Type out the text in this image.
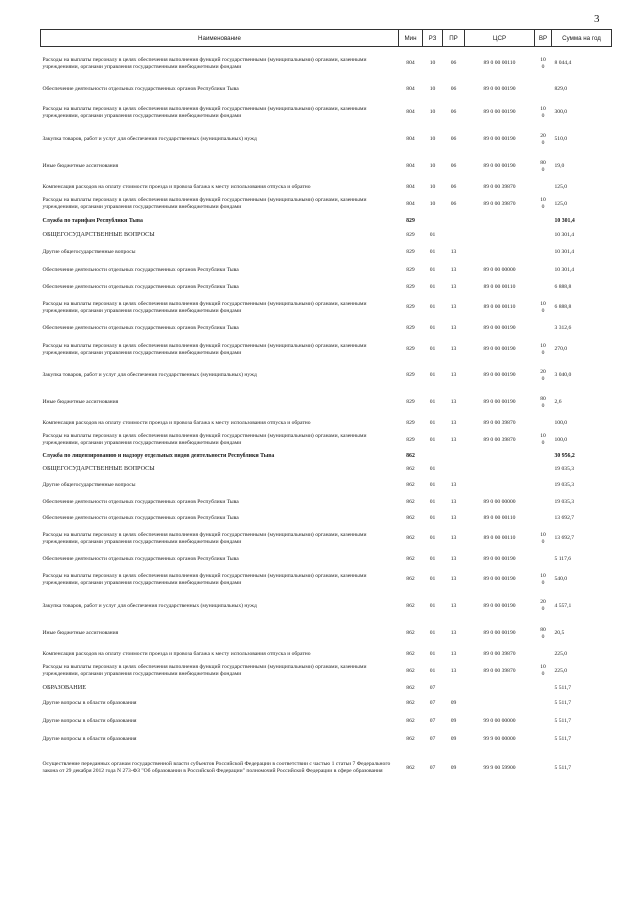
3
Наименование	Мин	РЗ	ПР	ЦСР	ВР	Сумма на год
Расходы на выплаты персоналу в целях обеспечения выполнения функций государственными (муниципальными) органами, казенными учреждениями, органами управления государственными внебюджетными фондами	804	10	06	89 0 00 00110	100	8 044,4
Обеспечение деятельности отдельных государственных органов Республики Тыва	804	10	06	89 0 00 00190		829,0
Расходы на выплаты персоналу в целях обеспечения выполнения функций государственными (муниципальными) органами, казенными учреждениями, органами управления государственными внебюджетными фондами	804	10	06	89 0 00 00190	100	300,0
Закупка товаров, работ и услуг для обеспечения государственных (муниципальных) нужд	804	10	06	89 0 00 00190	200	510,0
Иные бюджетные ассигнования	804	10	06	89 0 00 00190	800	19,0
Компенсация расходов на оплату стоимости проезда и провоза багажа к месту использования отпуска и обратно	804	10	06	89 0 00 39870		125,0
Расходы на выплаты персоналу в целях обеспечения выполнения функций государственными (муниципальными) органами, казенными учреждениями, органами управления государственными внебюджетными фондами	804	10	06	89 0 00 39870	100	125,0
Служба по тарифам Республики Тыва	829					10 301,4
ОБЩЕГОСУДАРСТВЕННЫЕ ВОПРОСЫ	829	01				10 301,4
Другие общегосударственные вопросы	829	01	13			10 301,4
Обеспечение деятельности отдельных государственных органов Республики Тыва	829	01	13	89 0 00 00000		10 301,4
Обеспечение деятельности отдельных государственных органов Республики Тыва	829	01	13	89 0 00 00110		6 888,8
Расходы на выплаты персоналу в целях обеспечения выполнения функций государственными (муниципальными) органами, казенными учреждениями, органами управления государственными внебюджетными фондами	829	01	13	89 0 00 00110	100	6 888,8
Обеспечение деятельности отдельных государственных органов Республики Тыва	829	01	13	89 0 00 00190		3 312,6
Расходы на выплаты персоналу в целях обеспечения выполнения функций государственными (муниципальными) органами, казенными учреждениями, органами управления государственными внебюджетными фондами	829	01	13	89 0 00 00190	100	270,0
Закупка товаров, работ и услуг для обеспечения государственных (муниципальных) нужд	829	01	13	89 0 00 00190	200	3 040,0
Иные бюджетные ассигнования	829	01	13	89 0 00 00190	800	2,6
Компенсация расходов на оплату стоимости проезда и провоза багажа к месту использования отпуска и обратно	829	01	13	89 0 00 39870		100,0
Расходы на выплаты персоналу в целях обеспечения выполнения функций государственными (муниципальными) органами, казенными учреждениями, органами управления государственными внебюджетными фондами	829	01	13	89 0 00 39870	100	100,0
Служба по лицензированию и надзору отдельных видов деятельности Республики Тыва	862					30 956,2
ОБЩЕГОСУДАРСТВЕННЫЕ ВОПРОСЫ	862	01				19 035,3
Другие общегосударственные вопросы	862	01	13			19 035,3
Обеспечение деятельности отдельных государственных органов Республики Тыва	862	01	13	89 0 00 00000		19 035,3
Обеспечение деятельности отдельных государственных органов Республики Тыва	862	01	13	89 0 00 00110		13 692,7
Расходы на выплаты персоналу в целях обеспечения выполнения функций государственными (муниципальными) органами, казенными учреждениями, органами управления государственными внебюджетными фондами	862	01	13	89 0 00 00110	100	13 692,7
Обеспечение деятельности отдельных государственных органов Республики Тыва	862	01	13	89 0 00 00190		5 117,6
Расходы на выплаты персоналу в целях обеспечения выполнения функций государственными (муниципальными) органами, казенными учреждениями, органами управления государственными внебюджетными фондами	862	01	13	89 0 00 00190	100	540,0
Закупка товаров, работ и услуг для обеспечения государственных (муниципальных) нужд	862	01	13	89 0 00 00190	200	4 557,1
Иные бюджетные ассигнования	862	01	13	89 0 00 00190	800	20,5
Компенсация расходов на оплату стоимости проезда и провоза багажа к месту использования отпуска и обратно	862	01	13	89 0 00 39870		225,0
Расходы на выплаты персоналу в целях обеспечения выполнения функций государственными (муниципальными) органами, казенными учреждениями, органами управления государственными внебюджетными фондами	862	01	13	89 0 00 39870	100	225,0
ОБРАЗОВАНИЕ	862	07				5 511,7
Другие вопросы в области образования	862	07	09			5 511,7
Другие вопросы в области образования	862	07	09	99 0 00 00000		5 511,7
Другие вопросы в области образования	862	07	09	99 9 00 00000		5 511,7
Осуществление переданных органам государственной власти субъектов Российской Федерации в соответствии с частью 1 статьи 7 Федерального закона от 29 декабря 2012 года N 273-ФЗ "Об образовании в Российской Федерации" полномочий Российской Федерации в сфере образования	862	07	09	99 9 00 59900		5 511,7
